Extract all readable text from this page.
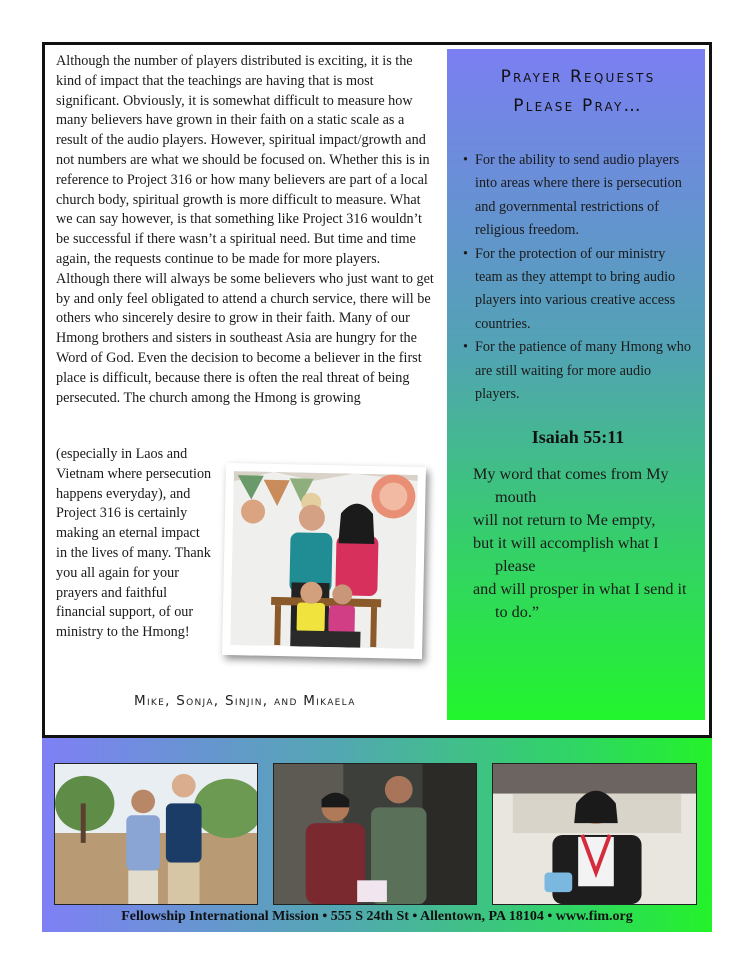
Although the number of players distributed is exciting, it is the kind of impact that the teachings are having that is most significant. Obviously, it is somewhat difficult to measure how many believers have grown in their faith on a static scale as a result of the audio players. However, spiritual impact/growth and not numbers are what we should be focused on. Whether this is in reference to Project 316 or how many believers are part of a local church body, spiritual growth is more difficult to measure. What we can say however, is that something like Project 316 wouldn’t be successful if there wasn’t a spiritual need. But time and time again, the requests continue to be made for more players. Although there will always be some believers who just want to get by and only feel obligated to attend a church service, there will be others who sincerely desire to grow in their faith. Many of our Hmong brothers and sisters in southeast Asia are hungry for the Word of God. Even the decision to become a believer in the first place is difficult, because there is often the real threat of being persecuted. The church among the Hmong is growing

(especially in Laos and Vietnam where persecution happens everyday), and Project 316 is certainly making an eternal impact in the lives of many. Thank you all again for your prayers and faithful financial support, of our ministry to the Hmong!

Mike, Sonja, Sinjin, and Mikaela
Prayer Requests
Please Pray…
• For the ability to send audio players into areas where there is persecution and governmental restrictions of religious freedom.
• For the protection of our ministry team as they attempt to bring audio players into various creative access countries.
• For the patience of many Hmong who are still waiting for more audio players.
Isaiah 55:11
My word that comes from My mouth
will not return to Me empty,
but it will accomplish what I please
and will prosper in what I send it to do.”
Fellowship International Mission • 555 S 24th St • Allentown, PA 18104 • www.fim.org
